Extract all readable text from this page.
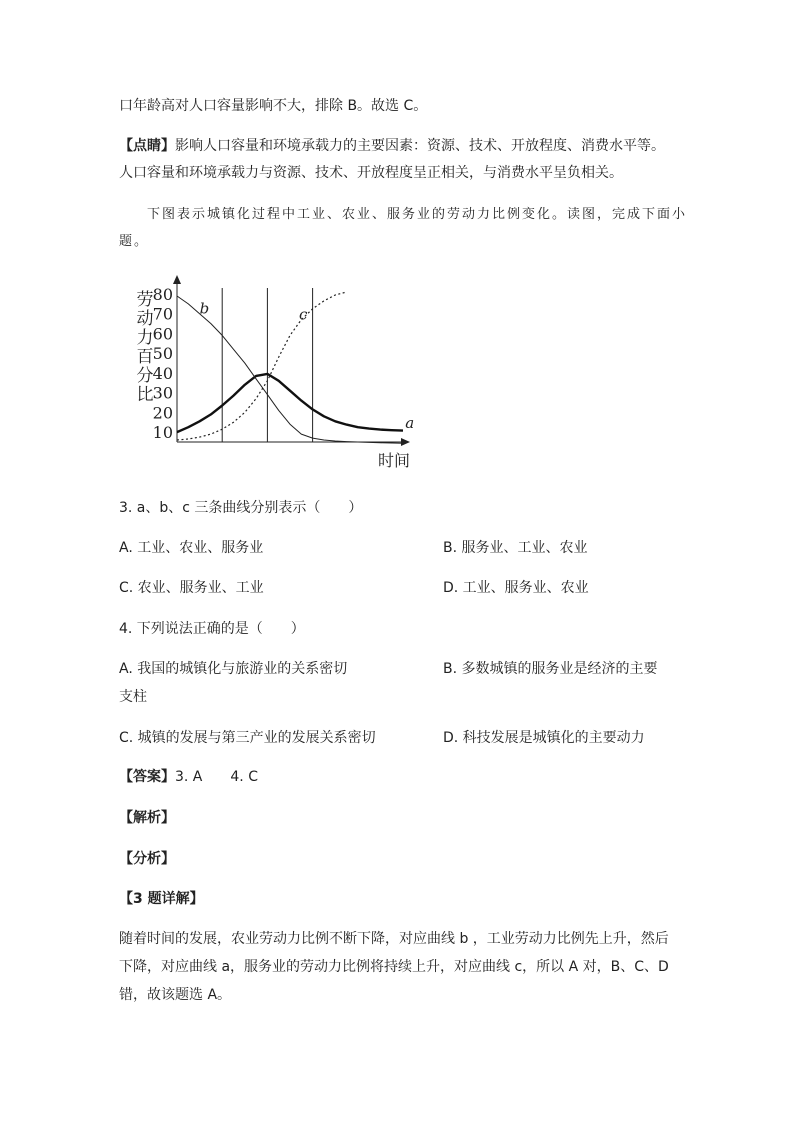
口年龄高对人口容量影响不大，排除 B。故选 C。
【点睛】影响人口容量和环境承载力的主要因素：资源、技术、开放程度、消费水平等。
人口容量和环境承载力与资源、技术、开放程度呈正相关，与消费水平呈负相关。
下图表示城镇化过程中工业、农业、服务业的劳动力比例变化。读图，完成下面小
题。
劳
动
力
百
分
比
80
70
60
50
40
30
20
10
时间
b	c
a
3. a、b、c 三条曲线分别表示（　　）
A. 工业、农业、服务业	B. 服务业、工业、农业
C. 农业、服务业、工业	D. 工业、服务业、农业
4. 下列说法正确的是（　　）
A. 我国的城镇化与旅游业的关系密切	B. 多数城镇的服务业是经济的主要
支柱
C. 城镇的发展与第三产业的发展关系密切	D. 科技发展是城镇化的主要动力
【答案】3. A　　4. C
【解析】
【分析】
【3 题详解】
随着时间的发展，农业劳动力比例不断下降，对应曲线 b ，工业劳动力比例先上升，然后
下降，对应曲线 a，服务业的劳动力比例将持续上升，对应曲线 c，所以 A 对，B、C、D
错，故该题选 A。
